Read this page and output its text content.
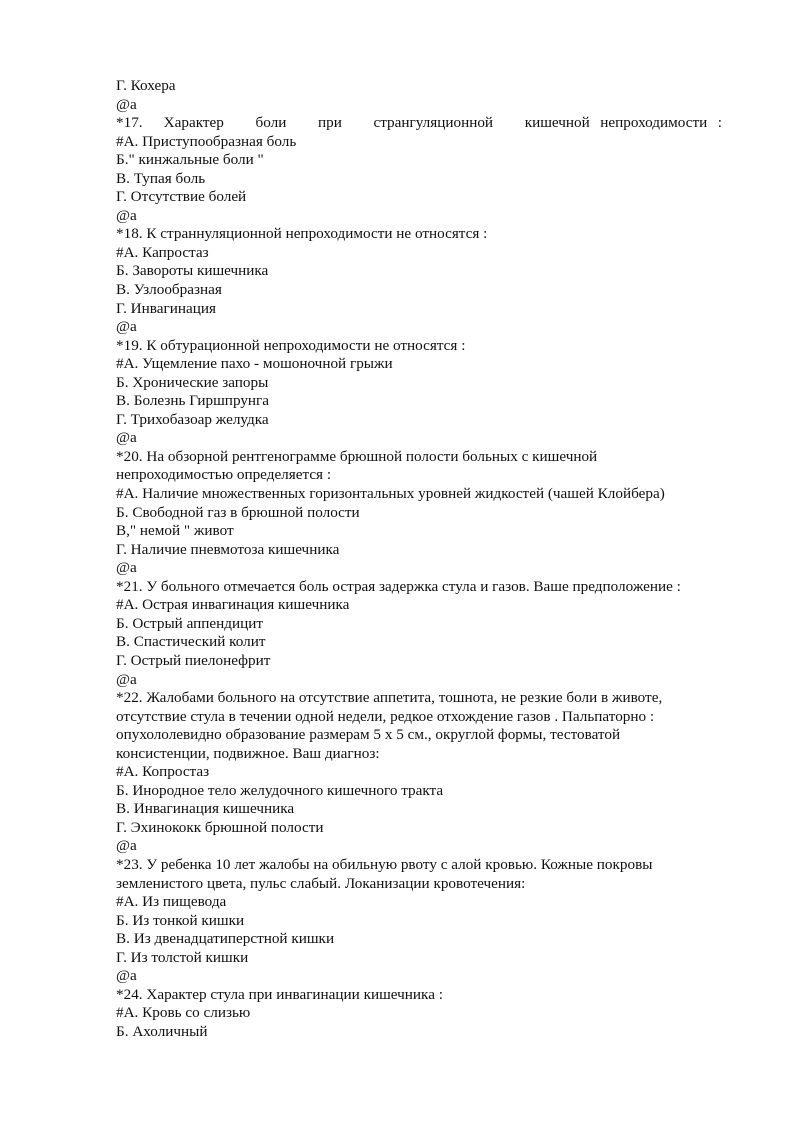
Г. Кохера
@а
*17.  Характер   боли   при   странгуляционной   кишечной непроходимости :
#А. Приступообразная боль
Б." кинжальные боли "
В. Тупая боль
Г. Отсутствие болей
@а
*18. К страннуляционной непроходимости не относятся :
#А. Капростаз
Б. Завороты кишечника
В. Узлообразная
Г. Инвагинация
@а
*19. К обтурационной непроходимости не относятся :
#А. Ущемление пахо - мошоночной грыжи
Б. Хронические запоры
В. Болезнь Гиршпрунга
Г. Трихобазоар желудка
@а
*20. На обзорной рентгенограмме брюшной полости больных с кишечной
непроходимостью определяется :
#А. Наличие множественных горизонтальных уровней жидкостей (чашей Клойбера)
Б. Свободной газ в брюшной полости
В," немой " живот
Г. Наличие пневмотоза кишечника
@а
*21. У больного отмечается боль острая задержка стула и газов. Ваше предположение :
#А. Острая инвагинация кишечника
Б. Острый аппендицит
В. Спастический колит
Г. Острый пиелонефрит
@а
*22. Жалобами больного на отсутствие аппетита, тошнота, не резкие боли в животе,
отсутствие стула в течении одной недели, редкое отхождение газов . Пальпаторно :
опухололевидно образование размерам 5 х 5 см., округлой формы, тестоватой
консистенции, подвижное. Ваш диагноз:
#А. Копростаз
Б. Инородное тело желудочного кишечного тракта
В. Инвагинация кишечника
Г. Эхинококк брюшной полости
@а
*23. У ребенка 10 лет жалобы на обильную рвоту с алой кровью. Кожные покровы
землениcтого цвета, пульс слабый. Локанизации кровотечения:
#А. Из пищевода
Б. Из тонкой кишки
В. Из двенадцатиперстной кишки
Г. Из толстой кишки
@а
*24. Характер стула при инвагинации кишечника :
#А. Кровь со слизью
Б. Ахоличный
